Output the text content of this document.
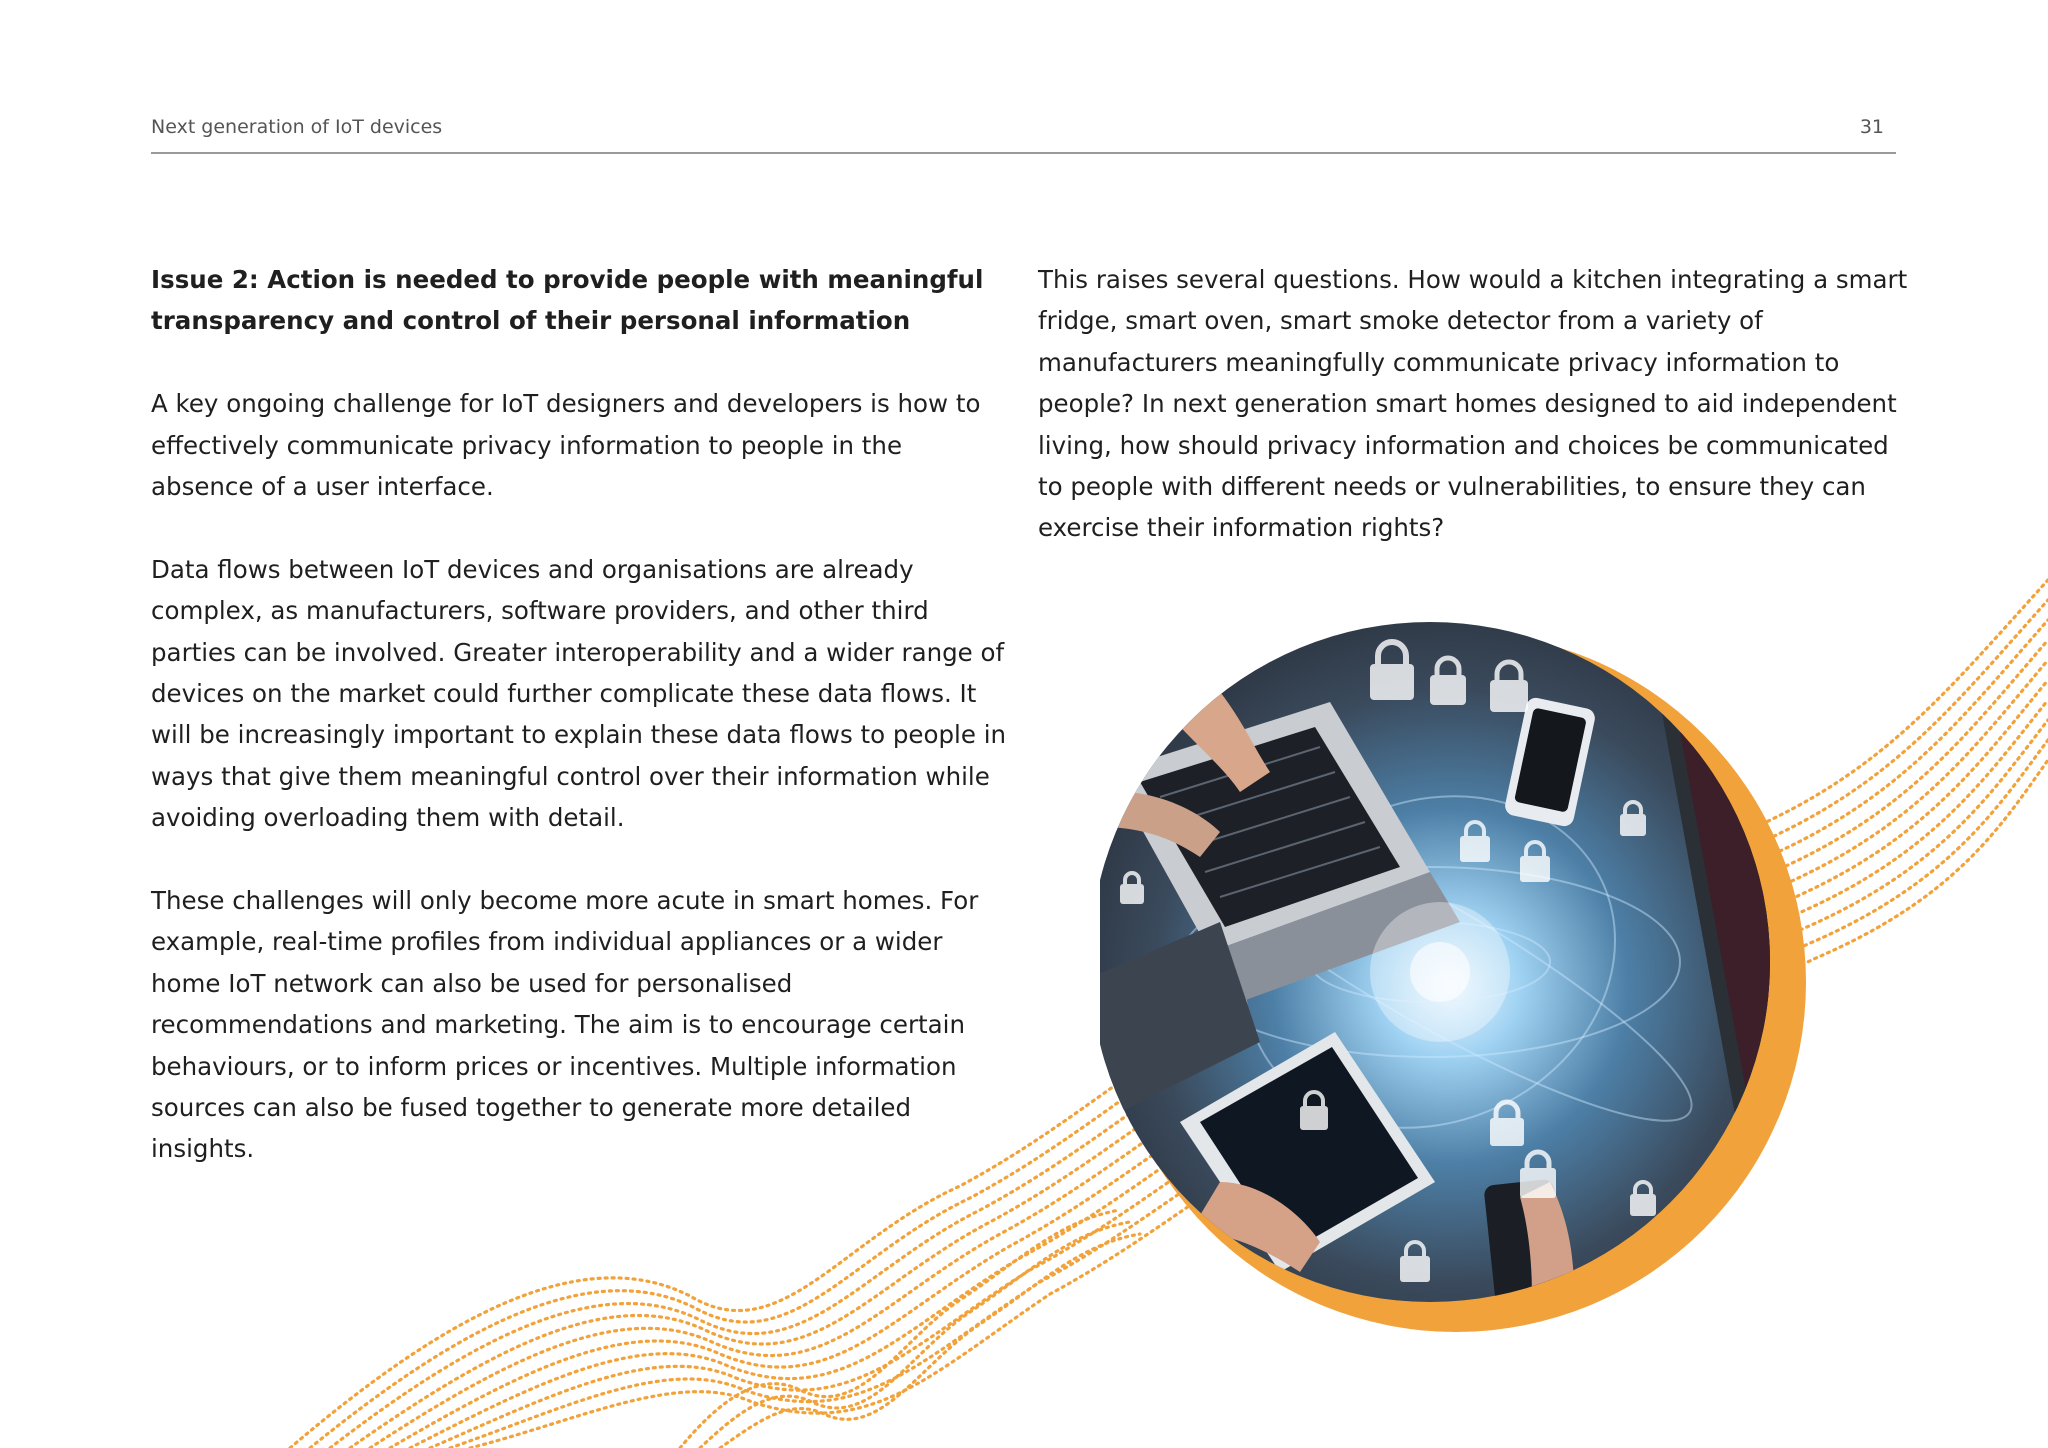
Next generation of IoT devices	31
Issue 2: Action is needed to provide people with meaningful transparency and control of their personal information

A key ongoing challenge for IoT designers and developers is how to effectively communicate privacy information to people in the absence of a user interface.

Data flows between IoT devices and organisations are already complex, as manufacturers, software providers, and other third parties can be involved. Greater interoperability and a wider range of devices on the market could further complicate these data flows. It will be increasingly important to explain these data flows to people in ways that give them meaningful control over their information while avoiding overloading them with detail.

These challenges will only become more acute in smart homes. For example, real-time profiles from individual appliances or a wider home IoT network can also be used for personalised recommendations and marketing. The aim is to encourage certain behaviours, or to inform prices or incentives. Multiple information sources can also be fused together to generate more detailed insights.

This raises several questions. How would a kitchen integrating a smart fridge, smart oven, smart smoke detector from a variety of manufacturers meaningfully communicate privacy information to people? In next generation smart homes designed to aid independent living, how should privacy information and choices be communicated to people with different needs or vulnerabilities, to ensure they can exercise their information rights?
